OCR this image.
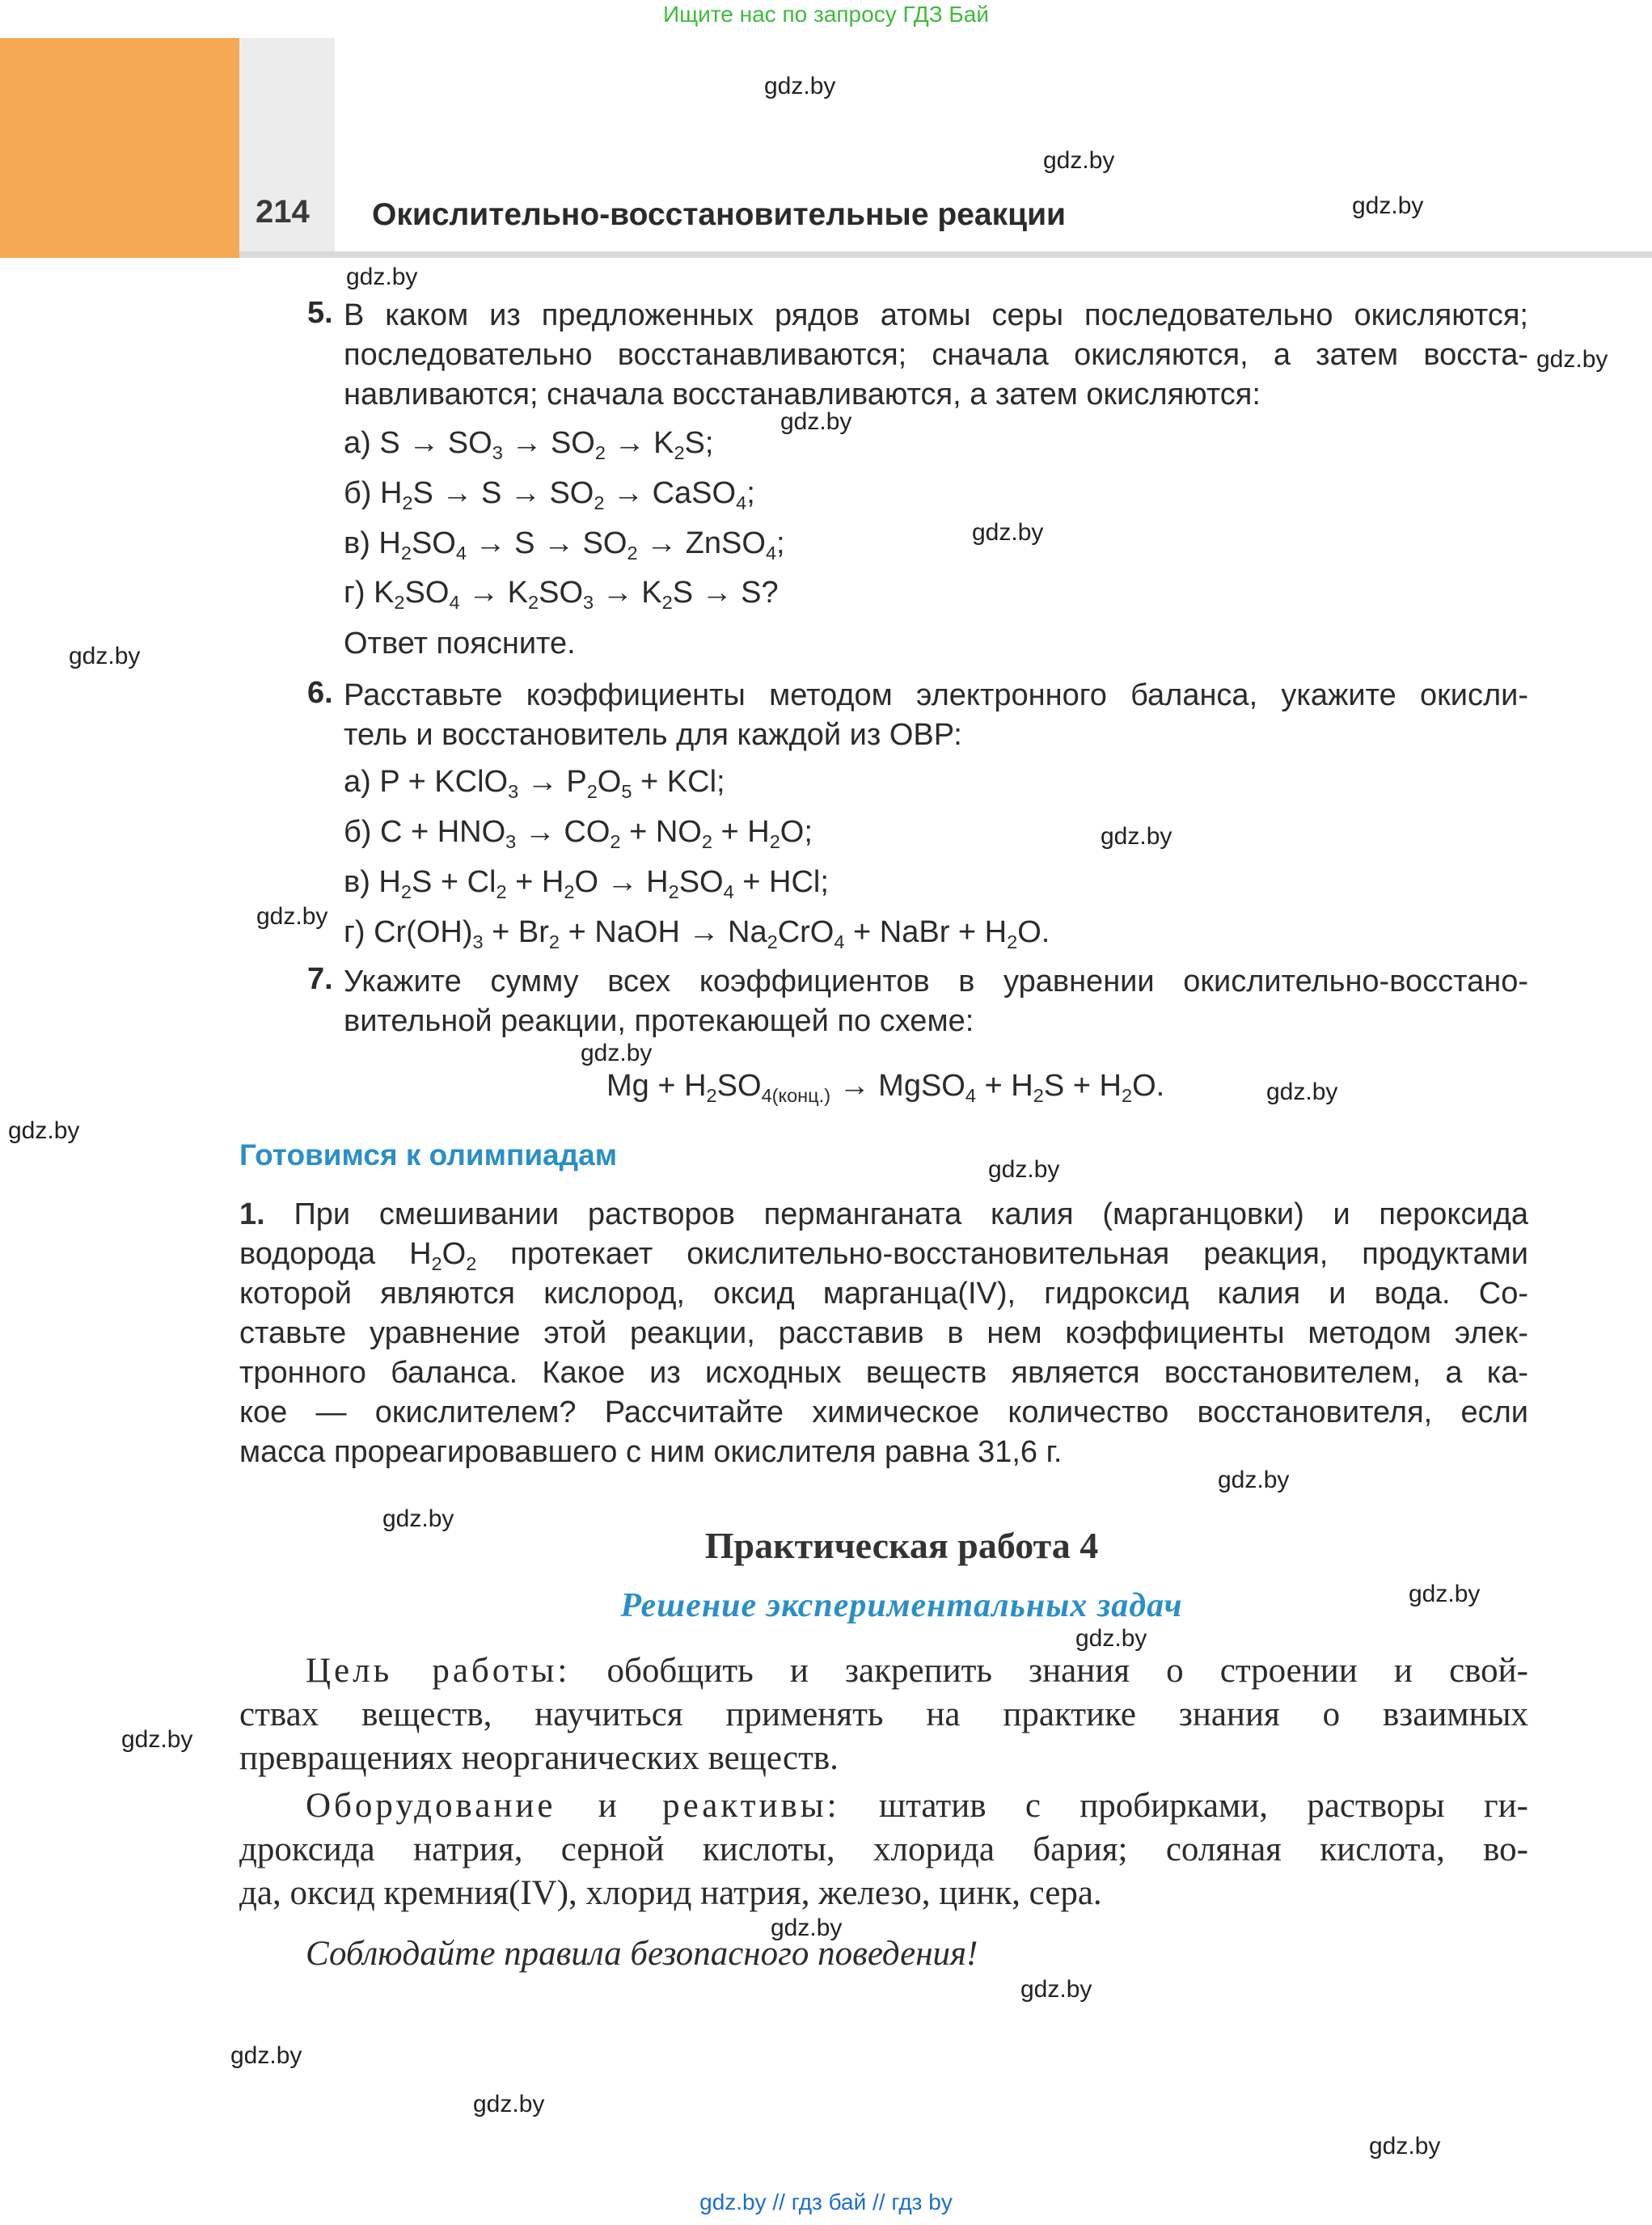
Ищите нас по запросу ГДЗ Бай
214 Окислительно-восстановительные реакции
gdz.by
gdz.by
gdz.by
gdz.by
gdz.by
gdz.by
gdz.by
gdz.by
gdz.by
gdz.by
gdz.by
gdz.by
gdz.by
gdz.by
gdz.by
gdz.by
gdz.by
gdz.by
gdz.by
gdz.by
gdz.by
gdz.by
gdz.by
gdz.by
5. В каком из предложенных рядов атомы серы последовательно окисляются;
последовательно восстанавливаются; сначала окисляются, а затем восста-
навливаются; сначала восстанавливаются, а затем окисляются:
а) $S \to SO_3 \to SO_2 \to K_2S$;
б) $H_2S \to S \to SO_2$ → CaSO$_4$;
в) $H_2SO_4 \to S \to SO_2$ → ZnSO$_4$;
г) $K_2SO_4 \to K_2SO_3 \to K_2S \to S$?
Ответ поясните.
6. Расставьте коэффициенты методом электронного баланса, укажите окисли-
тель и восстановитель для каждой из ОВР:
а) P + KClO$_3$ → $P_2O_5$ + KCl;
б) $C + HNO_3 \to CO_2 + NO_2 + H_2O$;
в) $H_2S + Cl_2 + H_2O \to H_2SO_4$ + HCl;
г) $Cr(OH)_3 + Br_2$ + NaOH → $Na_2CrO_4$ + NaBr + $H_2O$.
7. Укажите сумму всех коэффициентов в уравнении окислительно-восстано-
вительной реакции, протекающей по схеме:
$Mg + H_2SO_{4(конц.)}$ → MgSO$_4$ + $H_2S + H_2O$.
Готовимся к олимпиадам
1. При смешивании растворов перманганата калия (марганцовки) и пероксида
водорода $H_2O_2$ протекает окислительно-восстановительная реакция, продуктами
которой являются кислород, оксид марганца(IV), гидроксид калия и вода. Со-
ставьте уравнение этой реакции, расставив в нем коэффициенты методом элек-
тронного баланса. Какое из исходных веществ является восстановителем, а ка-
кое — окислителем? Рассчитайте химическое количество восстановителя, если
масса прореагировавшего с ним окислителя равна 31,6 г.
Практическая работа 4
Решение экспериментальных задач
Цель работы: обобщить и закрепить знания о строении и свой-
ствах веществ, научиться применять на практике знания о взаимных
превращениях неорганических веществ.
Оборудование и реактивы: штатив с пробирками, растворы ги-
дроксида натрия, серной кислоты, хлорида бария; соляная кислота, во-
да, оксид кремния(IV), хлорид натрия, железо, цинк, сера.
Соблюдайте правила безопасного поведения!
gdz.by // гдз бай // гдз by
